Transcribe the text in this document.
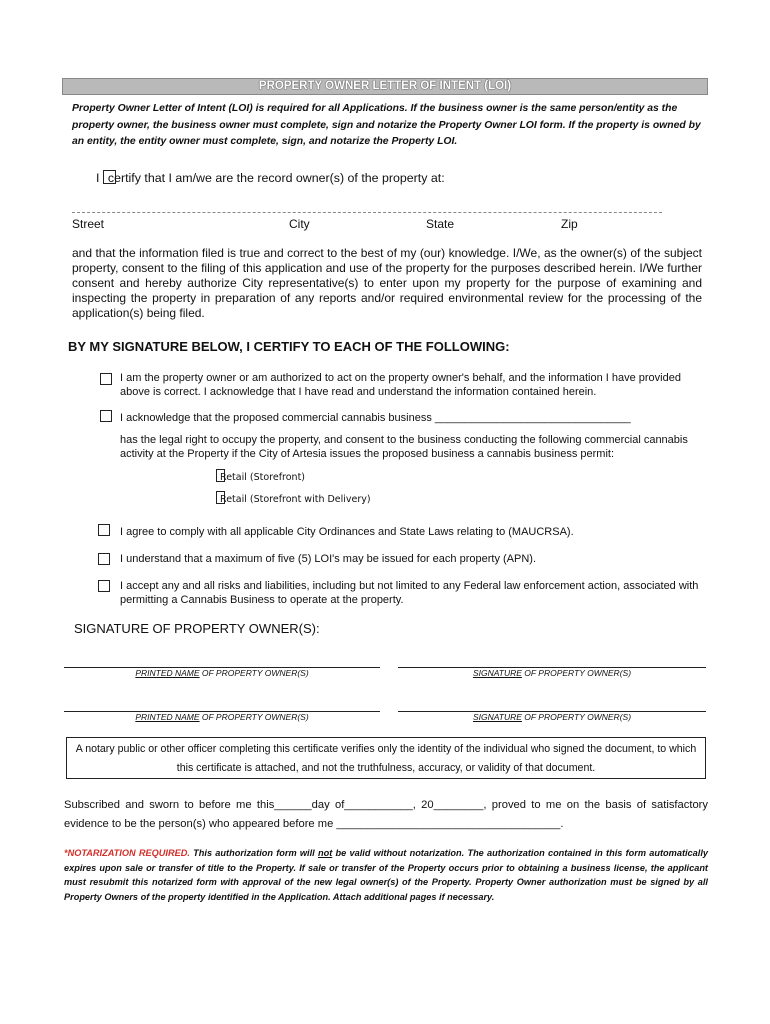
PROPERTY OWNER LETTER OF INTENT (LOI)
Property Owner Letter of Intent (LOI) is required for all Applications. If the business owner is the same person/entity as the property owner, the business owner must complete, sign and notarize the Property Owner LOI form. If the property is owned by an entity, the entity owner must complete, sign, and notarize the Property LOI.
I certify that I am/we are the record owner(s) of the property at:
Street	City	State	Zip
and that the information filed is true and correct to the best of my (our) knowledge. I/We, as the owner(s) of the subject property, consent to the filing of this application and use of the property for the purposes described herein. I/We further consent and hereby authorize City representative(s) to enter upon my property for the purpose of examining and inspecting the property in preparation of any reports and/or required environmental review for the processing of the application(s) being filed.
BY MY SIGNATURE BELOW, I CERTIFY TO EACH OF THE FOLLOWING:
I am the property owner or am authorized to act on the property owner's behalf, and the information I have provided above is correct. I acknowledge that I have read and understand the information contained herein.
I acknowledge that the proposed commercial cannabis business ________________________________
has the legal right to occupy the property, and consent to the business conducting the following commercial cannabis activity at the Property if the City of Artesia issues the proposed business a cannabis business permit:
Retail (Storefront)
Retail (Storefront with Delivery)
I agree to comply with all applicable City Ordinances and State Laws relating to (MAUCRSA).
I understand that a maximum of five (5) LOI's may be issued for each property (APN).
I accept any and all risks and liabilities, including but not limited to any Federal law enforcement action, associated with permitting a Cannabis Business to operate at the property.
SIGNATURE OF PROPERTY OWNER(S):
PRINTED NAME OF PROPERTY OWNER(S)	SIGNATURE OF PROPERTY OWNER(S)
PRINTED NAME OF PROPERTY OWNER(S)	SIGNATURE OF PROPERTY OWNER(S)
A notary public or other officer completing this certificate verifies only the identity of the individual who signed the document, to which this certificate is attached, and not the truthfulness, accuracy, or validity of that document.
Subscribed and sworn to before me this______day of___________, 20________, proved to me on the basis of satisfactory
evidence to be the person(s) who appeared before me ____________________________________.
*NOTARIZATION REQUIRED. This authorization form will not be valid without notarization. The authorization contained in this form automatically expires upon sale or transfer of title to the Property. If sale or transfer of the Property occurs prior to obtaining a business license, the applicant must resubmit this notarized form with approval of the new legal owner(s) of the Property. Property Owner authorization must be signed by all Property Owners of the property identified in the Application. Attach additional pages if necessary.
